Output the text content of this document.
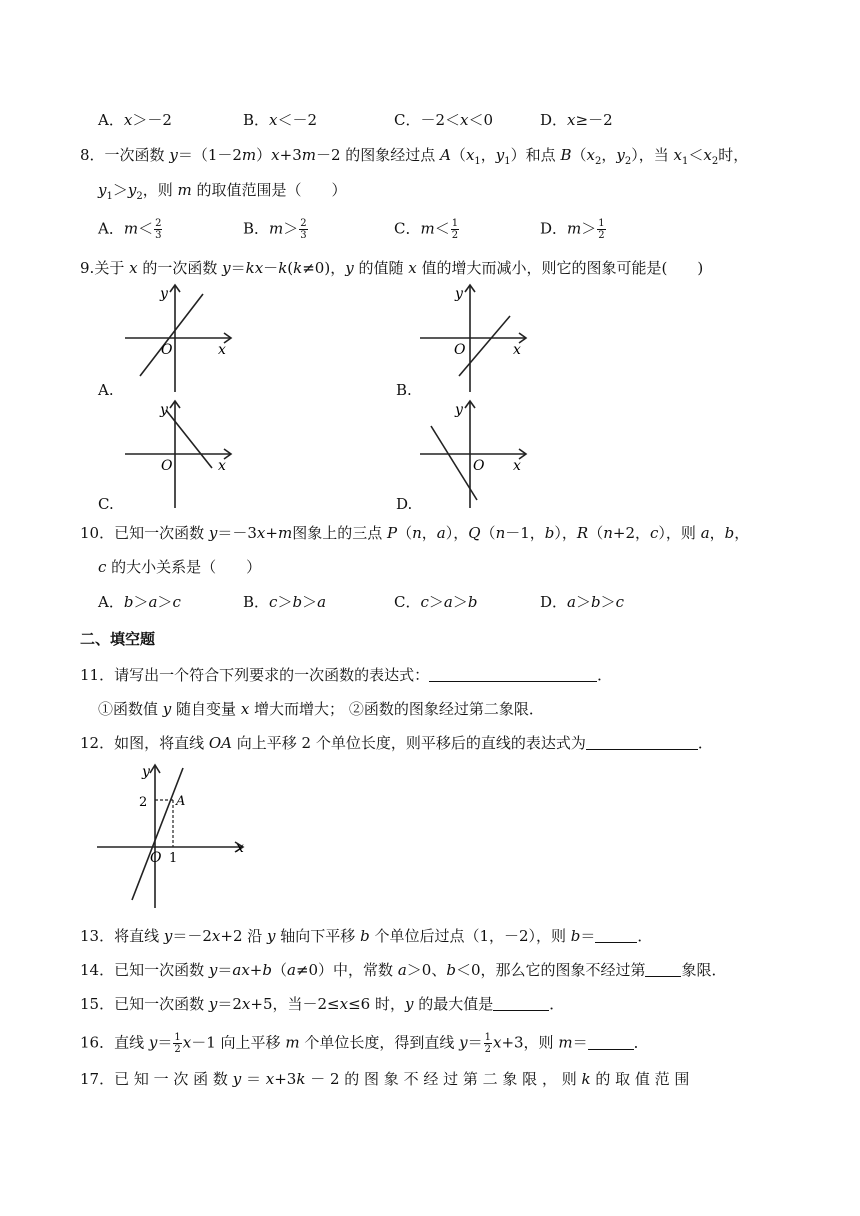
A．x＞－2	B．x＜－2	C．－2＜x＜0	D．x≥－2
8．一次函数 y＝（1－2m）x+3m－2 的图象经过点 $A(x_1$，$y_1$）和点 $B(x_2$，$y_2$），当 $x_1<x_2$时，
$y_1>y_2$，则 m 的取值范围是（　　）
A．$m< \frac{2}{3}$	B．$m> \frac{2}{3}$	C．$m< \frac{1}{2}$	D．$m> \frac{1}{2}$
9.关于 x 的一次函数 y＝kx－k(k≠0)，y 的值随 x 值的增大而减小，则它的图象可能是(　　)
x
y
O
A.
x
y
O
B.
x
y
O
C.
x
y
O
D.
10．已知一次函数 y＝－3x+m图象上的三点 P（n，a），Q（n－1，b），R（n+2，c），则 a，b，
c 的大小关系是（　　）
A．b＞a＞c	B．c＞b＞a	C．c＞a＞b	D．a＞b＞c
二、填空题
11．请写出一个符合下列要求的一次函数的表达式：	．
①函数值 y 随自变量 x 增大而增大； ②函数的图象经过第二象限．
12．如图，将直线 OA 向上平移 2 个单位长度，则平移后的直线的表达式为	．
x
y
O
A
1
2
13．将直线 y＝－2x+2 沿 y 轴向下平移 b 个单位后过点（1，－2），则 b＝	．
14．已知一次函数 y＝ax+b（a≠0）中，常数 a＞0、b＜0，那么它的图象不经过第 象限．
15．已知一次函数 y＝2x+5，当－2≤x≤6 时，y 的最大值是	．
16．直线 $y= \frac{1}{2} x-1$ 向上平移 m 个单位长度，得到直线 $y= \frac{1}{2} x+3$，则 m＝	．
17．已 知 一 次 函 数 y ＝ x+3k － 2 的 图 象 不 经 过 第 二 象 限 ， 则 k 的 取 值 范 围
